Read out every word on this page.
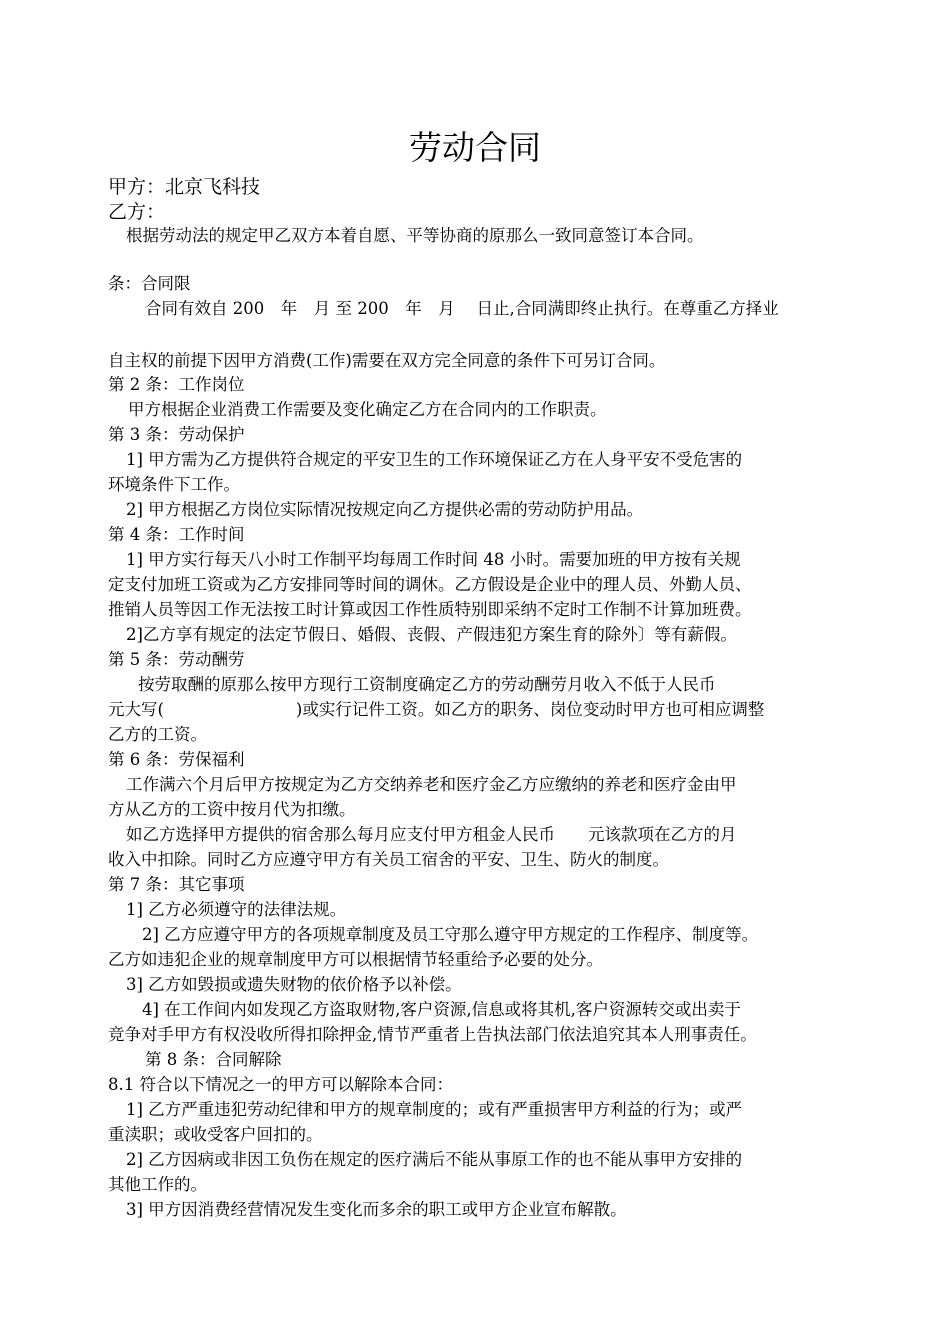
劳动合同
甲方：北京飞科技
乙方：
根据劳动法的规定甲乙双方本着自愿、平等协商的原那么一致同意签订本合同。
条：合同限
合同有效自 200　年　月 至 200　年　月　 日止,合同满即终止执行。在尊重乙方择业
自主权的前提下因甲方消费(工作)需要在双方完全同意的条件下可另订合同。
第 2 条：工作岗位
甲方根据企业消费工作需要及变化确定乙方在合同内的工作职责。
第 3 条：劳动保护
1] 甲方需为乙方提供符合规定的平安卫生的工作环境保证乙方在人身平安不受危害的
环境条件下工作。
2] 甲方根据乙方岗位实际情况按规定向乙方提供必需的劳动防护用品。
第 4 条：工作时间
1] 甲方实行每天八小时工作制平均每周工作时间 48 小时。需要加班的甲方按有关规
定支付加班工资或为乙方安排同等时间的调休。乙方假设是企业中的理人员、外勤人员、
推销人员等因工作无法按工时计算或因工作性质特别即采纳不定时工作制不计算加班费。
2]乙方享有规定的法定节假日、婚假、丧假、产假违犯方案生育的除外〕等有薪假。
第 5 条：劳动酬劳
按劳取酬的原那么按甲方现行工资制度确定乙方的劳动酬劳月收入不低于人民币
元大写(　　　　　　　　)或实行记件工资。如乙方的职务、岗位变动时甲方也可相应调整
乙方的工资。
第 6 条：劳保福利
工作满六个月后甲方按规定为乙方交纳养老和医疗金乙方应缴纳的养老和医疗金由甲
方从乙方的工资中按月代为扣缴。
如乙方选择甲方提供的宿舍那么每月应支付甲方租金人民币　　元该款项在乙方的月
收入中扣除。同时乙方应遵守甲方有关员工宿舍的平安、卫生、防火的制度。
第 7 条：其它事项
1] 乙方必须遵守的法律法规。
2] 乙方应遵守甲方的各项规章制度及员工守那么遵守甲方规定的工作程序、制度等。
乙方如违犯企业的规章制度甲方可以根据情节轻重给予必要的处分。
3] 乙方如毁损或遗失财物的依价格予以补偿。
4] 在工作间内如发现乙方盗取财物,客户资源,信息或将其机,客户资源转交或出卖于
竞争对手甲方有权没收所得扣除押金,情节严重者上告执法部门依法追究其本人刑事责任。
第 8 条：合同解除
8.1 符合以下情况之一的甲方可以解除本合同：
1] 乙方严重违犯劳动纪律和甲方的规章制度的；或有严重损害甲方利益的行为；或严
重渎职；或收受客户回扣的。
2] 乙方因病或非因工负伤在规定的医疗满后不能从事原工作的也不能从事甲方安排的
其他工作的。
3] 甲方因消费经营情况发生变化而多余的职工或甲方企业宣布解散。
